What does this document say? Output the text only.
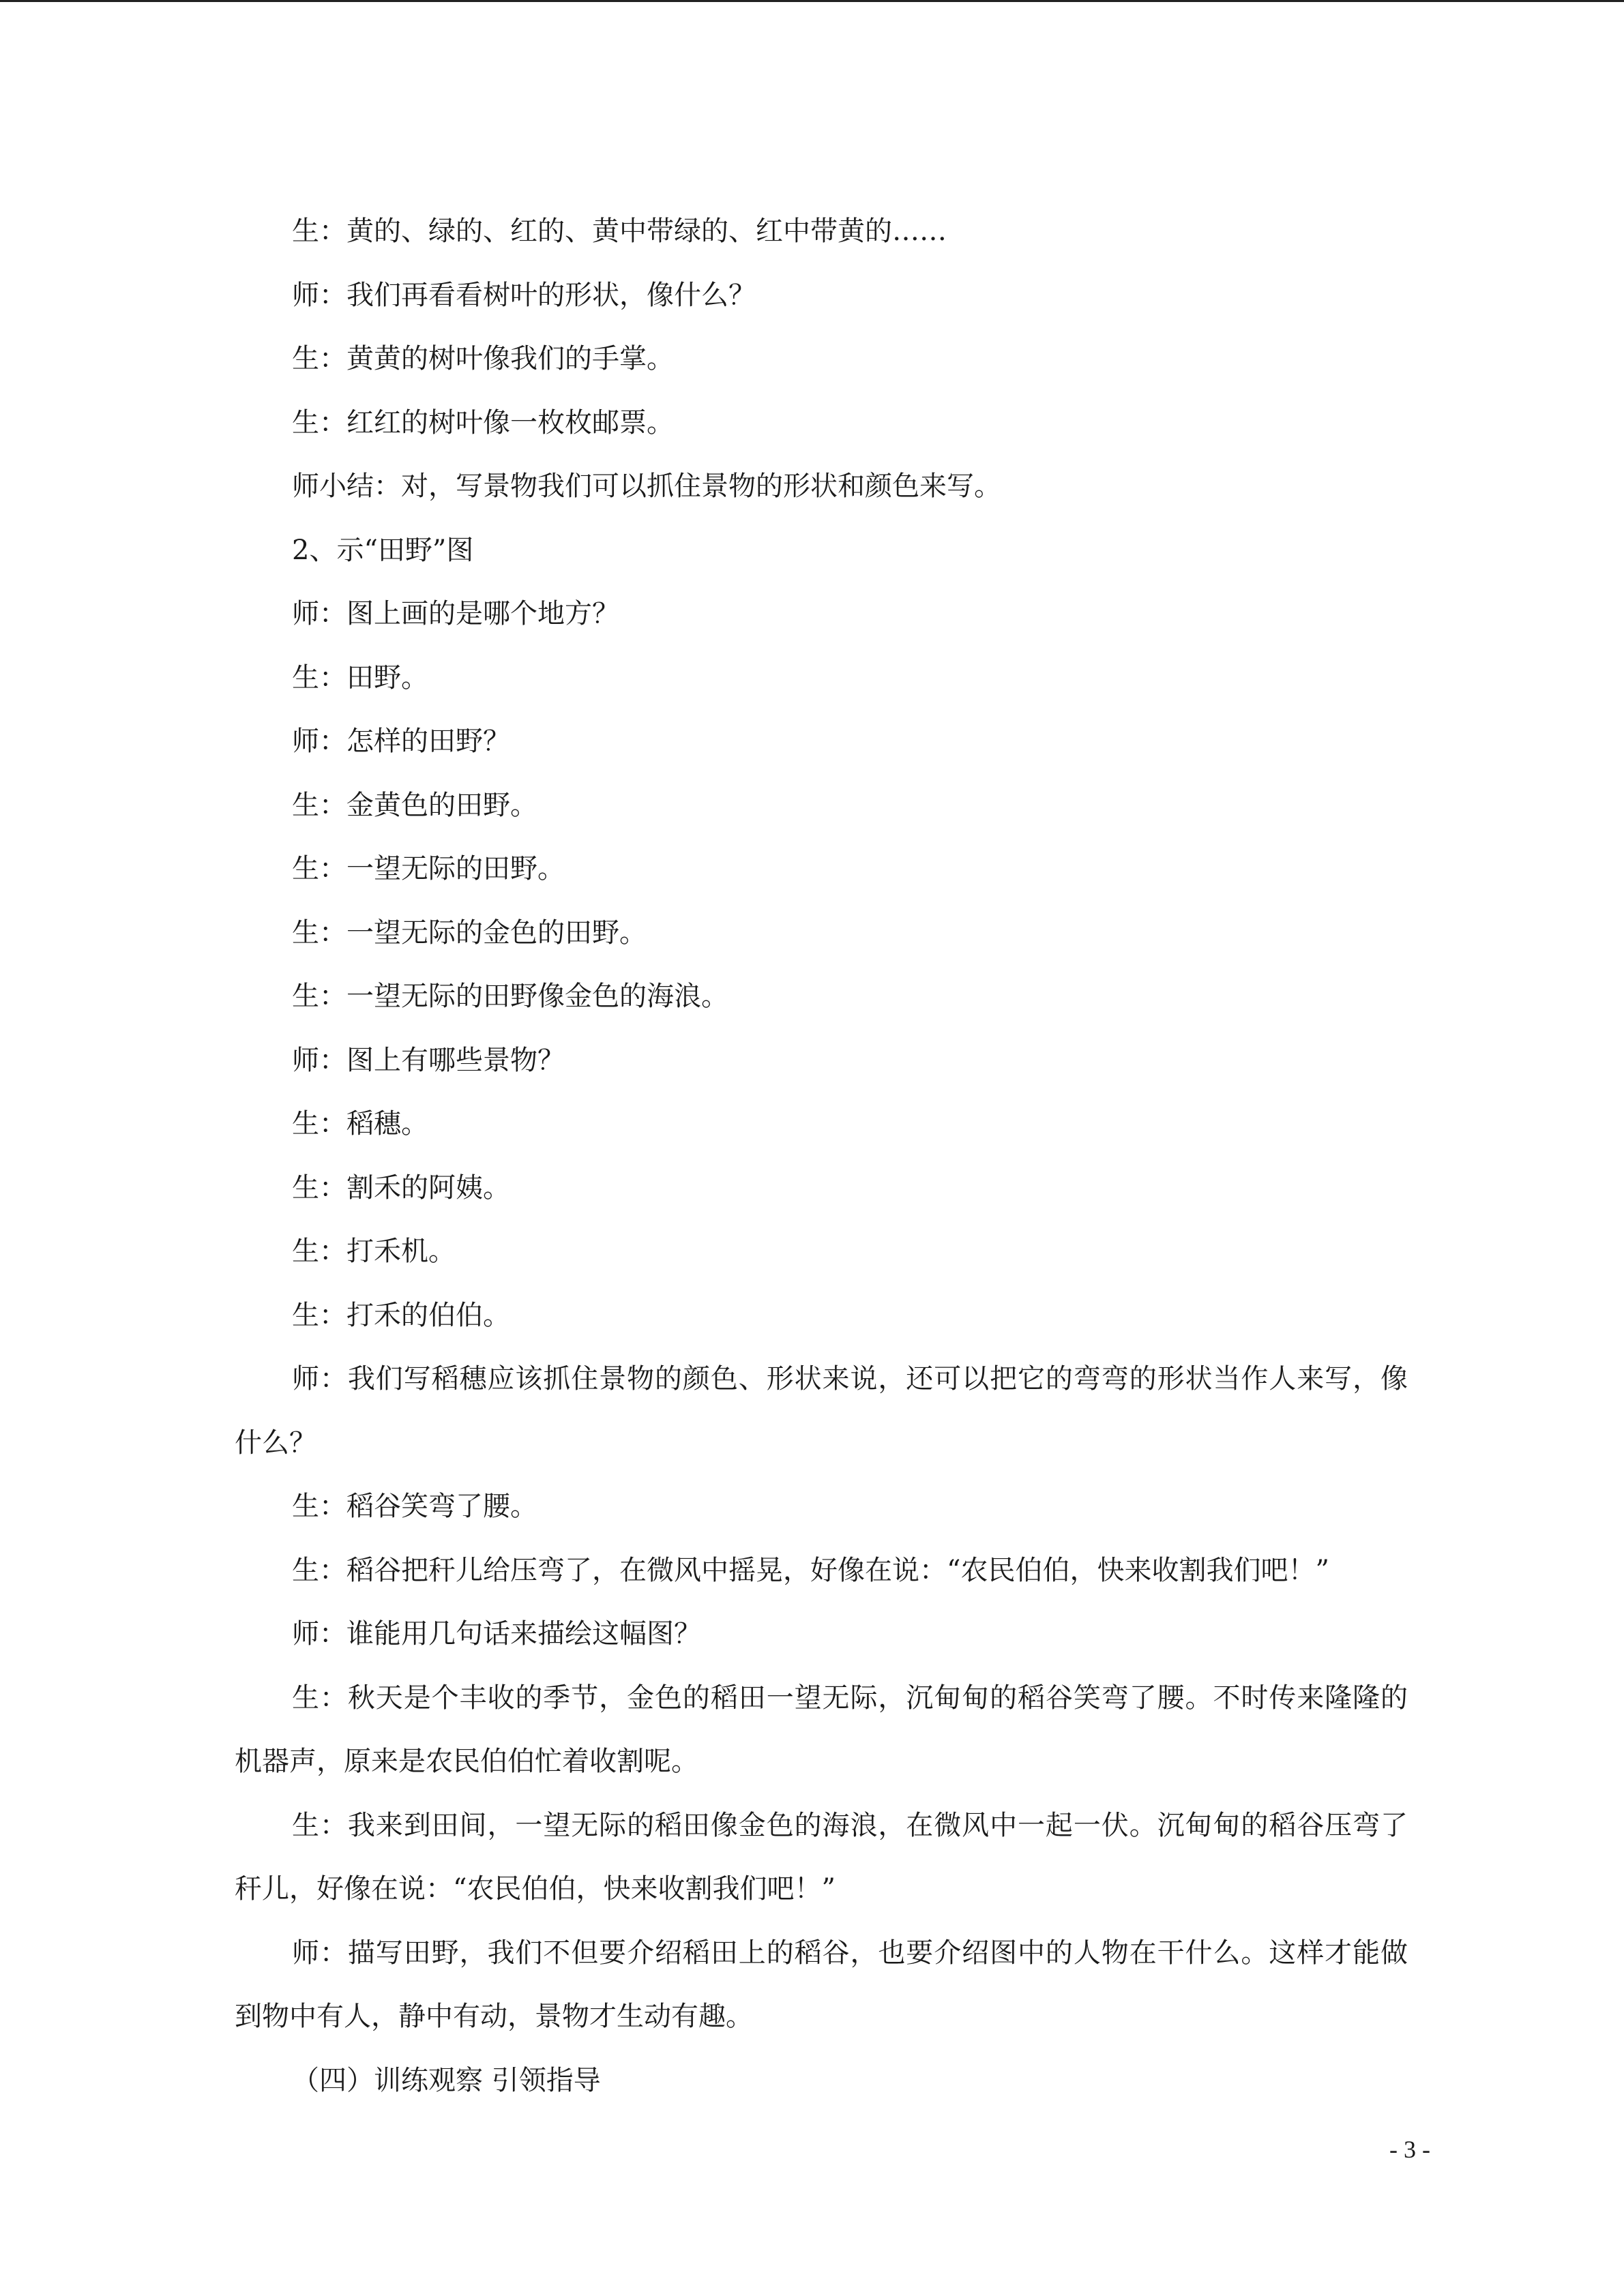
生：黄的、绿的、红的、黄中带绿的、红中带黄的……

师：我们再看看树叶的形状，像什么？

生：黄黄的树叶像我们的手掌。

生：红红的树叶像一枚枚邮票。

师小结：对，写景物我们可以抓住景物的形状和颜色来写。

2、示“田野”图

师：图上画的是哪个地方？

生：田野。

师：怎样的田野？

生：金黄色的田野。

生：一望无际的田野。

生：一望无际的金色的田野。

生：一望无际的田野像金色的海浪。

师：图上有哪些景物？

生：稻穗。

生：割禾的阿姨。

生：打禾机。

生：打禾的伯伯。

师：我们写稻穗应该抓住景物的颜色、形状来说，还可以把它的弯弯的形状当作人来写，像什么？

生：稻谷笑弯了腰。

生：稻谷把秆儿给压弯了，在微风中摇晃，好像在说：“农民伯伯，快来收割我们吧！”

师：谁能用几句话来描绘这幅图？

生：秋天是个丰收的季节，金色的稻田一望无际，沉甸甸的稻谷笑弯了腰。不时传来隆隆的机器声，原来是农民伯伯忙着收割呢。

生：我来到田间，一望无际的稻田像金色的海浪，在微风中一起一伏。沉甸甸的稻谷压弯了秆儿，好像在说：“农民伯伯，快来收割我们吧！”

师：描写田野，我们不但要介绍稻田上的稻谷，也要介绍图中的人物在干什么。这样才能做到物中有人，静中有动，景物才生动有趣。

（四）训练观察 引领指导

- 3 -
